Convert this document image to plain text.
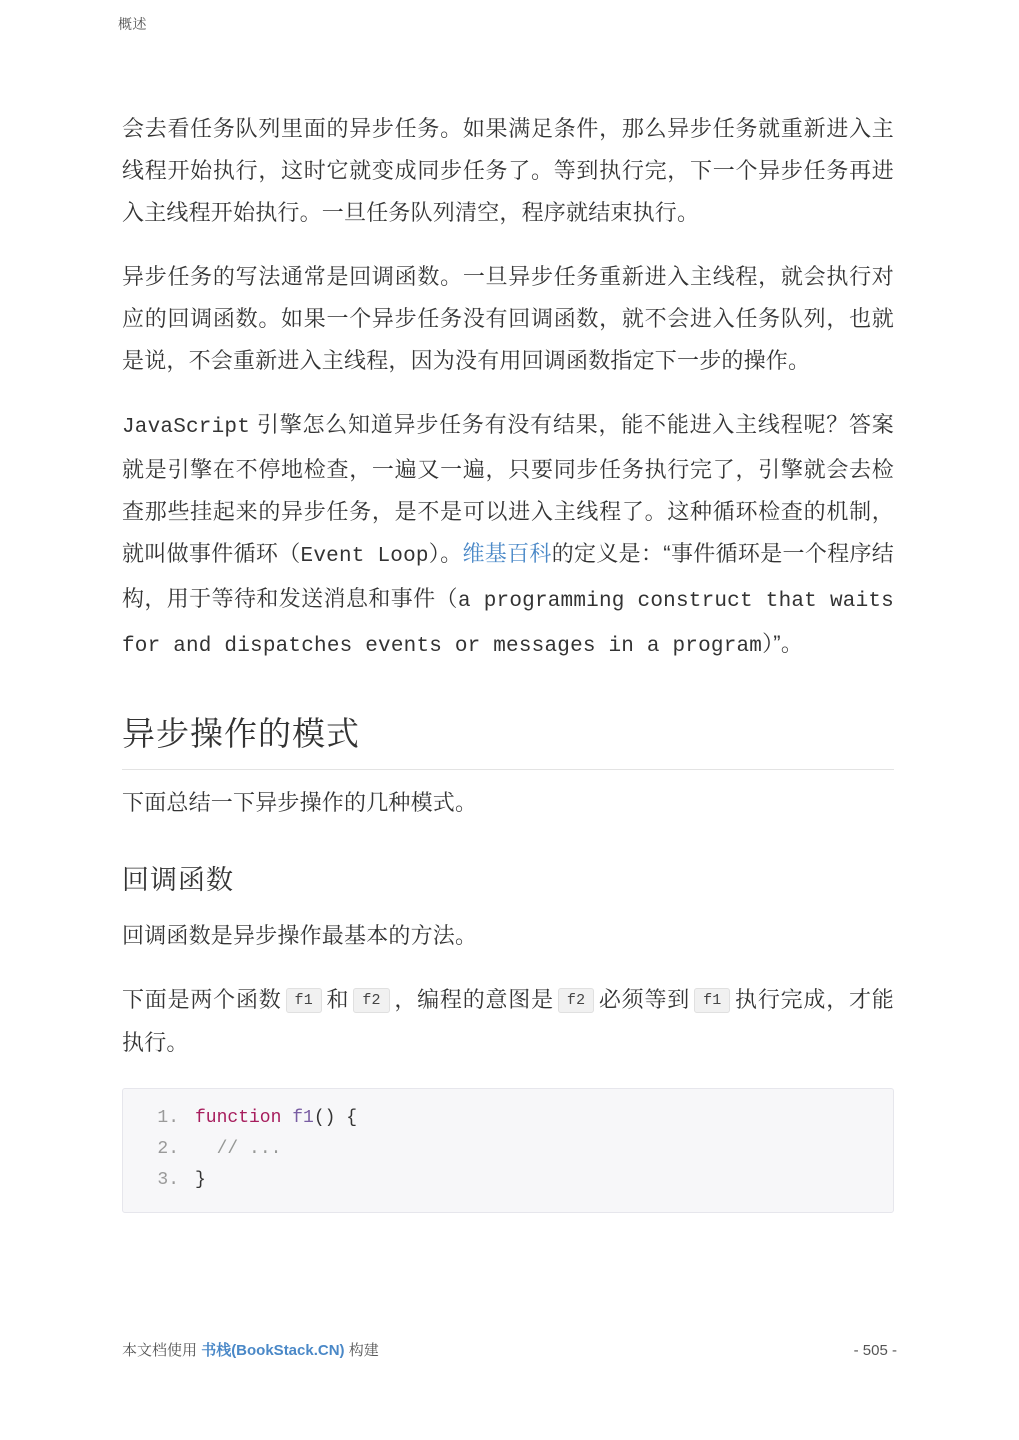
概述

会去看任务队列里面的异步任务。如果满足条件，那么异步任务就重新进入主线程开始执行，这时它就变成同步任务了。等到执行完，下一个异步任务再进入主线程开始执行。一旦任务队列清空，程序就结束执行。

异步任务的写法通常是回调函数。一旦异步任务重新进入主线程，就会执行对应的回调函数。如果一个异步任务没有回调函数，就不会进入任务队列，也就是说，不会重新进入主线程，因为没有用回调函数指定下一步的操作。

JavaScript 引擎怎么知道异步任务有没有结果，能不能进入主线程呢？答案就是引擎在不停地检查，一遍又一遍，只要同步任务执行完了，引擎就会去检查那些挂起来的异步任务，是不是可以进入主线程了。这种循环检查的机制，就叫做事件循环（Event Loop）。维基百科的定义是：“事件循环是一个程序结构，用于等待和发送消息和事件（a programming construct that waits for and dispatches events or messages in a program）”。

异步操作的模式

下面总结一下异步操作的几种模式。

回调函数

回调函数是异步操作最基本的方法。

下面是两个函数 f1 和 f2 ，编程的意图是 f2 必须等到 f1 执行完成，才能执行。

1. function f1 () {
2.
	// ...
3. }
本文档使用 书栈(BookStack.CN) 构建	- 505 -
